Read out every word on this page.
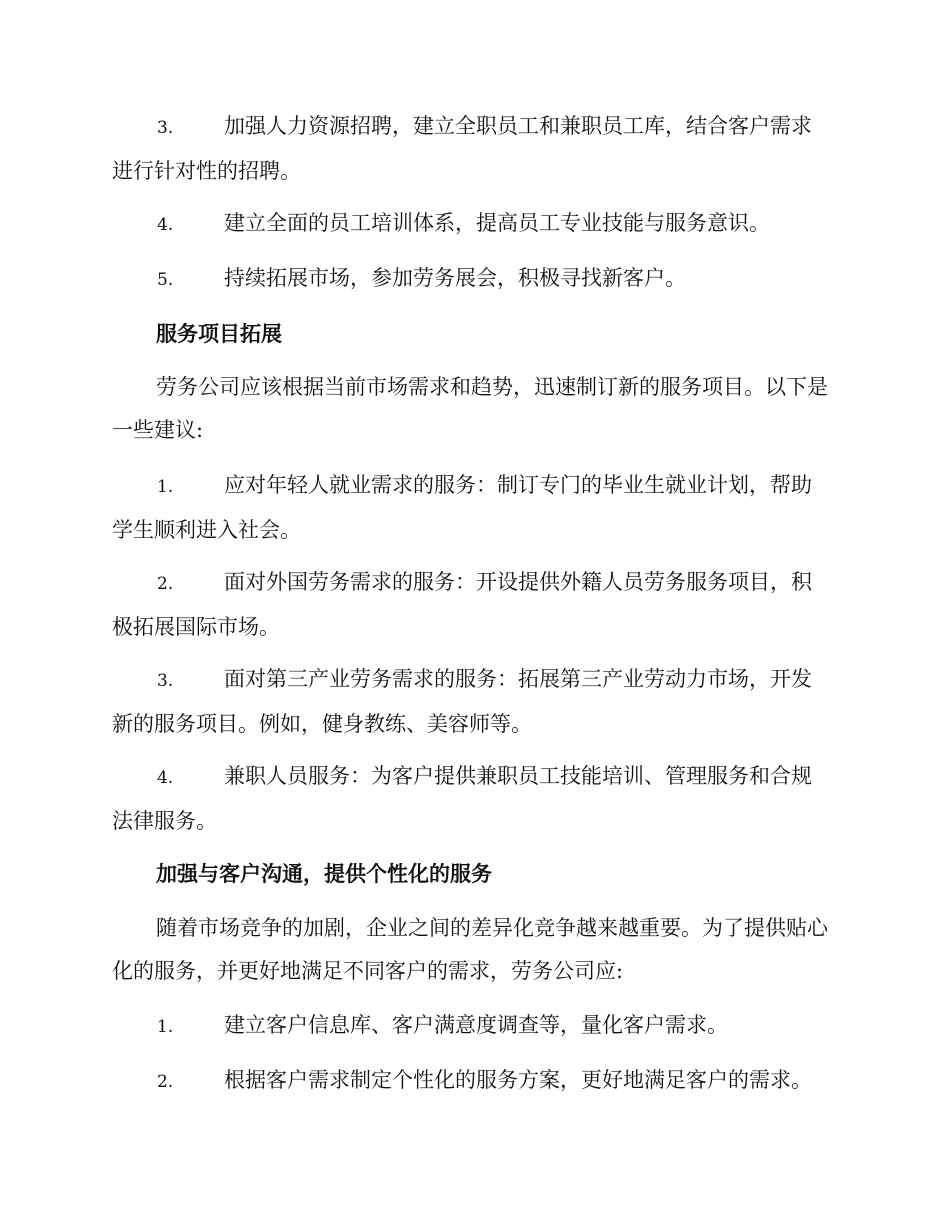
3. 加强人力资源招聘，建立全职员工和兼职员工库，结合客户需求进行针对性的招聘。
4. 建立全面的员工培训体系，提高员工专业技能与服务意识。
5. 持续拓展市场，参加劳务展会，积极寻找新客户。
服务项目拓展
劳务公司应该根据当前市场需求和趋势，迅速制订新的服务项目。以下是一些建议:
1. 应对年轻人就业需求的服务：制订专门的毕业生就业计划，帮助学生顺利进入社会。
2. 面对外国劳务需求的服务：开设提供外籍人员劳务服务项目，积极拓展国际市场。
3. 面对第三产业劳务需求的服务：拓展第三产业劳动力市场，开发新的服务项目。例如，健身教练、美容师等。
4. 兼职人员服务：为客户提供兼职员工技能培训、管理服务和合规法律服务。
加强与客户沟通，提供个性化的服务
随着市场竞争的加剧，企业之间的差异化竞争越来越重要。为了提供贴心化的服务，并更好地满足不同客户的需求，劳务公司应:
1. 建立客户信息库、客户满意度调查等，量化客户需求。
2. 根据客户需求制定个性化的服务方案，更好地满足客户的需求。
